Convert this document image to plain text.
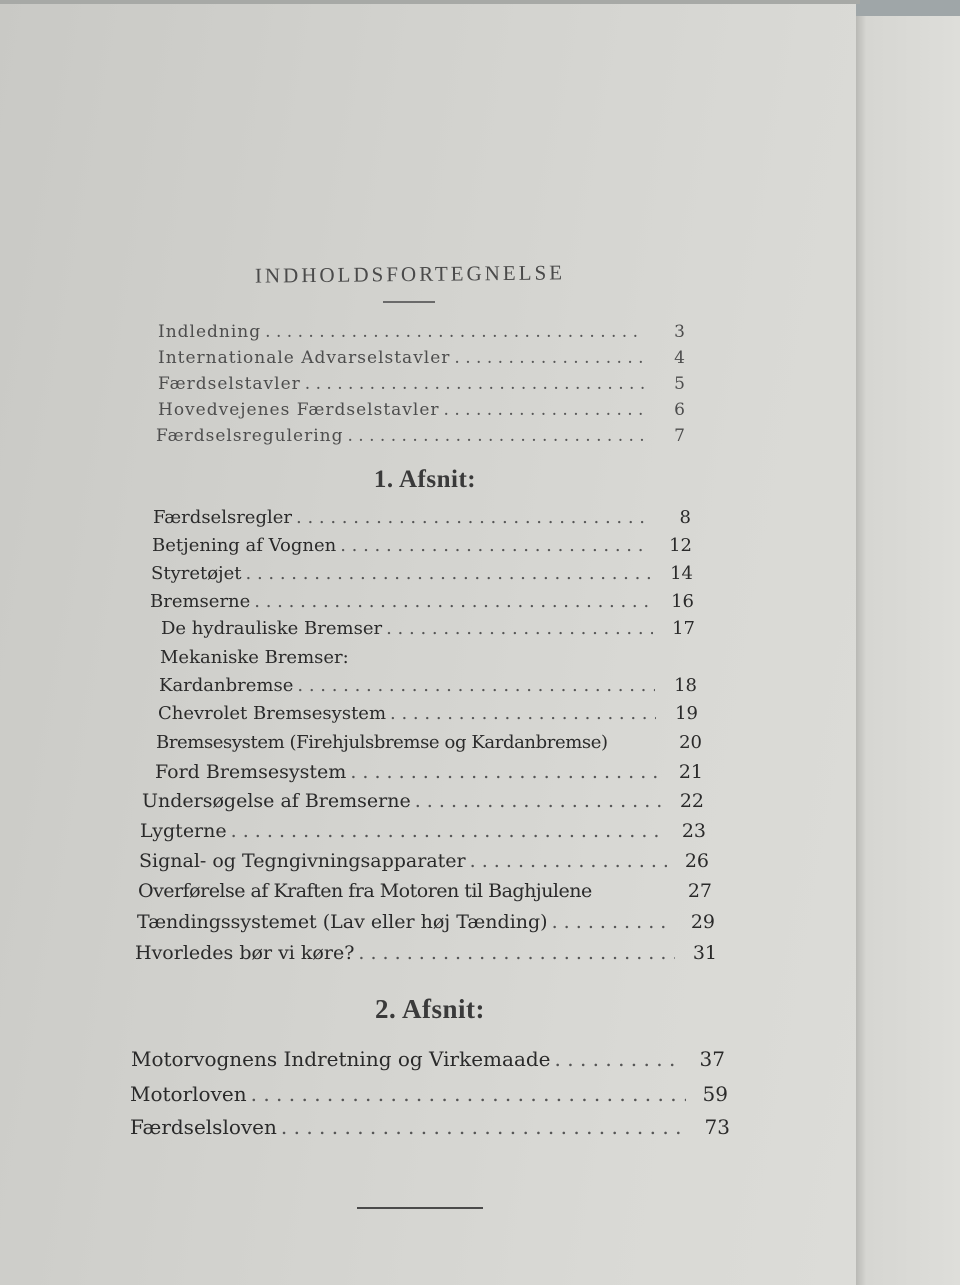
INDHOLDSFORTEGNELSE
Indledning . . .	3
Internationale Advarselstavler . . .	4
Færdselstavler . . .	5
Hovedvejenes Færdselstavler . . .	6
Færdselsregulering . . .	7
1. Afsnit:
Færdselsregler . . .	8
Betjening af Vognen . . .	12
Styretøjet . . .	14
Bremserne . . .	16
De hydrauliske Bremser . . .	17
Mekaniske Bremser:
Kardanbremse . . .	18
Chevrolet Bremsesystem . . .	19
Bremsesystem (Firehjulsbremse og Kardanbremse)	20
Ford Bremsesystem . . .	21
Undersøgelse af Bremserne . . .	22
Lygterne . . .	23
Signal- og Tegngivningsapparater . . .	26
Overførelse af Kraften fra Motoren til Baghjulene	27
Tændingssystemet (Lav eller høj Tænding) . . .	29
Hvorledes bør vi køre? . . .	31
2. Afsnit:
Motorvognens Indretning og Virkemaade . . .	37
Motorloven . . .	59
Færdselsloven . . .	73
